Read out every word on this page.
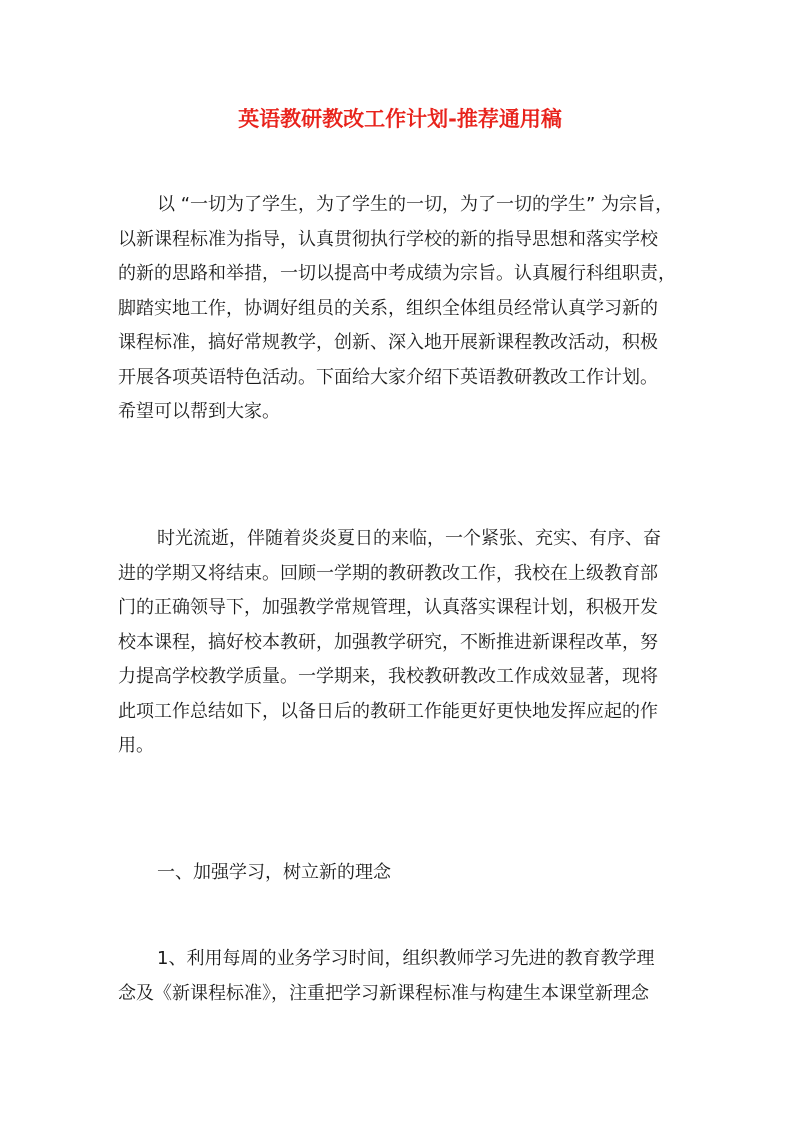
英语教研教改工作计划-推荐通用稿
以 “一切为了学生，为了学生的一切，为了一切的学生” 为宗旨，
以新课程标准为指导，认真贯彻执行学校的新的指导思想和落实学校
的新的思路和举措，一切以提高中考成绩为宗旨。认真履行科组职责，
脚踏实地工作，协调好组员的关系，组织全体组员经常认真学习新的
课程标准，搞好常规教学，创新、深入地开展新课程教改活动，积极
开展各项英语特色活动。下面给大家介绍下英语教研教改工作计划。
希望可以帮到大家。
时光流逝，伴随着炎炎夏日的来临，一个紧张、充实、有序、奋
进的学期又将结束。回顾一学期的教研教改工作，我校在上级教育部
门的正确领导下，加强教学常规管理，认真落实课程计划，积极开发
校本课程，搞好校本教研，加强教学研究，不断推进新课程改革，努
力提高学校教学质量。一学期来，我校教研教改工作成效显著，现将
此项工作总结如下，以备日后的教研工作能更好更快地发挥应起的作
用。
一、加强学习，树立新的理念
1、利用每周的业务学习时间，组织教师学习先进的教育教学理
念及《新课程标准》，注重把学习新课程标准与构建生本课堂新理念
